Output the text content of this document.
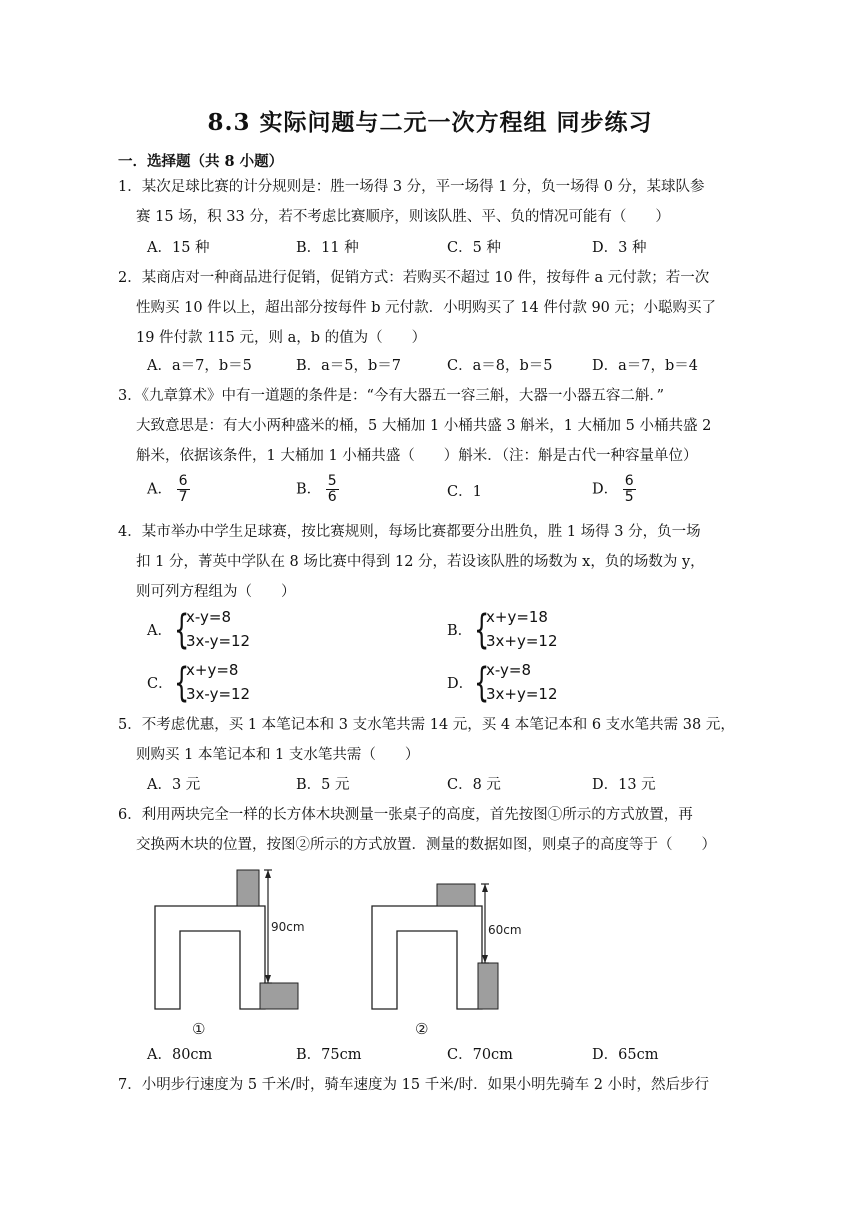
8.3 实际问题与二元一次方程组 同步练习
一．选择题（共 8 小题）
1．某次足球比赛的计分规则是：胜一场得 3 分，平一场得 1 分，负一场得 0 分，某球队参
赛 15 场，积 33 分，若不考虑比赛顺序，则该队胜、平、负的情况可能有（　　）
A．15 种	B．11 种	C．5 种	D．3 种
2．某商店对一种商品进行促销，促销方式：若购买不超过 10 件，按每件 a 元付款；若一次
性购买 10 件以上，超出部分按每件 b 元付款．小明购买了 14 件付款 90 元；小聪购买了
19 件付款 115 元，则 a，b 的值为（　　）
A．a＝7，b＝5	B．a＝5，b＝7	C．a＝8，b＝5	D．a＝7，b＝4
3．《九章算术》中有一道题的条件是：“今有大器五一容三斛，大器一小器五容二斛．”
大致意思是：有大小两种盛米的桶，5 大桶加 1 小桶共盛 3 斛米，1 大桶加 5 小桶共盛 2
斛米，依据该条件，1 大桶加 1 小桶共盛（　　）斛米．（注：斛是古代一种容量单位）
A． $\frac{6}{7}$	B． $\frac{5}{6}$	C．1	D． $\frac{6}{5}$
4．某市举办中学生足球赛，按比赛规则，每场比赛都要分出胜负，胜 1 场得 3 分，负一场
扣 1 分，菁英中学队在 8 场比赛中得到 12 分，若设该队胜的场数为 x，负的场数为 y，
则可列方程组为（　　）
A． {
x-y=8
3x-y=12
B． {
x+y=18
3x+y=12
C． {
x+y=8
3x-y=12
D． {
x-y=8
3x+y=12
5．不考虑优惠，买 1 本笔记本和 3 支水笔共需 14 元，买 4 本笔记本和 6 支水笔共需 38 元，
则购买 1 本笔记本和 1 支水笔共需（　　）
A．3 元	B．5 元	C．8 元	D．13 元
6．利用两块完全一样的长方体木块测量一张桌子的高度，首先按图①所示的方式放置，再
交换两木块的位置，按图②所示的方式放置．测量的数据如图，则桌子的高度等于（　　）
90cm
①
60cm
②
A．80cm	B．75cm	C．70cm	D．65cm
7．小明步行速度为 5 千米/时，骑车速度为 15 千米/时．如果小明先骑车 2 小时，然后步行
